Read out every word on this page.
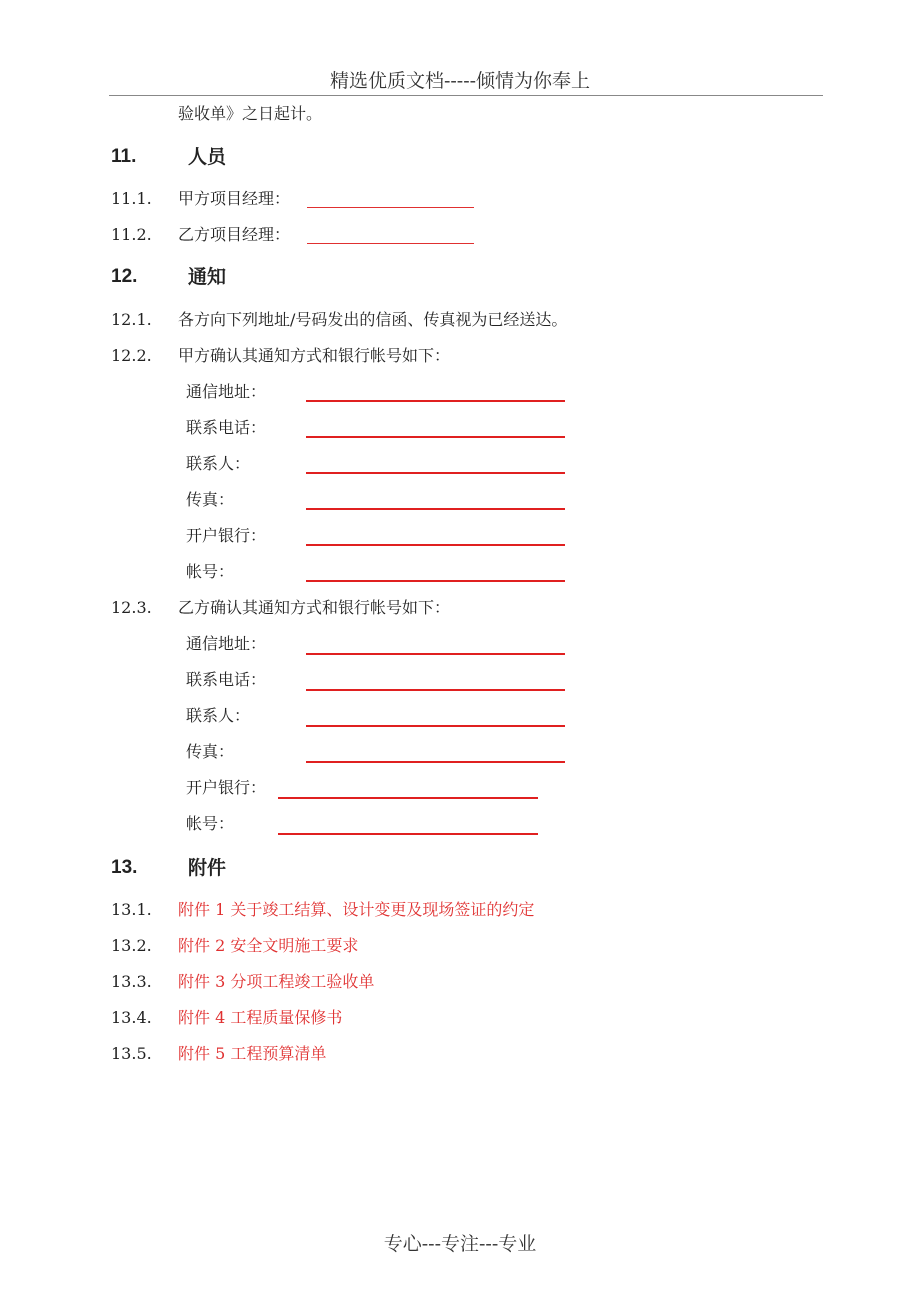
精选优质文档-----倾情为你奉上
验收单》之日起计。
11.	人员
11.1. 甲方项目经理：
11.2. 乙方项目经理：
12.	通知
12.1. 各方向下列地址/号码发出的信函、传真视为已经送达。
12.2. 甲方确认其通知方式和银行帐号如下：
通信地址：
联系电话：
联系人：
传真：
开户银行：
帐号：
12.3. 乙方确认其通知方式和银行帐号如下：
通信地址：
联系电话：
联系人：
传真：
开户银行：
帐号：
13.	附件
13.1. 附件 1 关于竣工结算、设计变更及现场签证的约定
13.2. 附件 2 安全文明施工要求
13.3. 附件 3 分项工程竣工验收单
13.4. 附件 4 工程质量保修书
13.5. 附件 5 工程预算清单
专心---专注---专业
